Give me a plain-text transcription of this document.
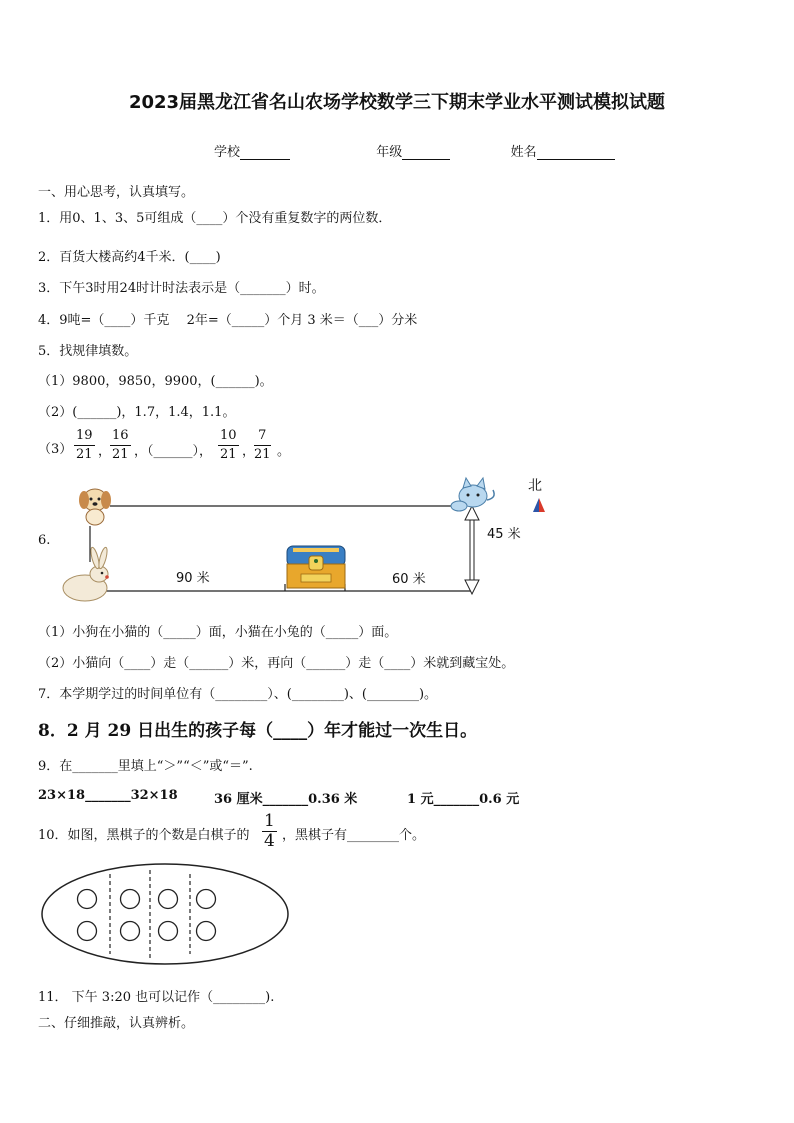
2023届黑龙江省名山农场学校数学三下期末学业水平测试模拟试题
学校	年级	姓名
一、用心思考，认真填写。
1．用0、1、3、5可组成（____）个没有重复数字的两位数．
2．百货大楼高约4千米．(____)
3．下午3时用24时计时法表示是（_______）时。
4．9吨=（____）千克　 2年=（_____）个月 3 米＝（___）分米
5．找规律填数。
（1）9800，9850，9900，(______)。
（2）(______)，1.7，1.4，1.1。
$(3) \frac{19}{21}$ ，
$\frac{16}{21}$ ，（______）， $\frac{10}{21}$ ，
$\frac{7}{21}$ 。
6.
北
45 米
90 米	60 米
（1）小狗在小猫的（_____）面，小猫在小兔的（_____）面。
（2）小猫向（____）走（______）米，再向（______）走（____）米就到藏宝处。
7．本学期学过的时间单位有（________）、(________)、(________)。
8．2 月 29 日出生的孩子每（____）年才能过一次生日。
9．在_______里填上“＞”“＜”或“＝”.
23×18_______32×18	36 厘米_______0.36 米	1 元_______0.6 元
10．如图，黑棋子的个数是白棋子的 $\frac{1}{4}$ ，黑棋子有________个。
11． 下午 3:20 也可以记作（________).
二、仔细推敲，认真辨析。
